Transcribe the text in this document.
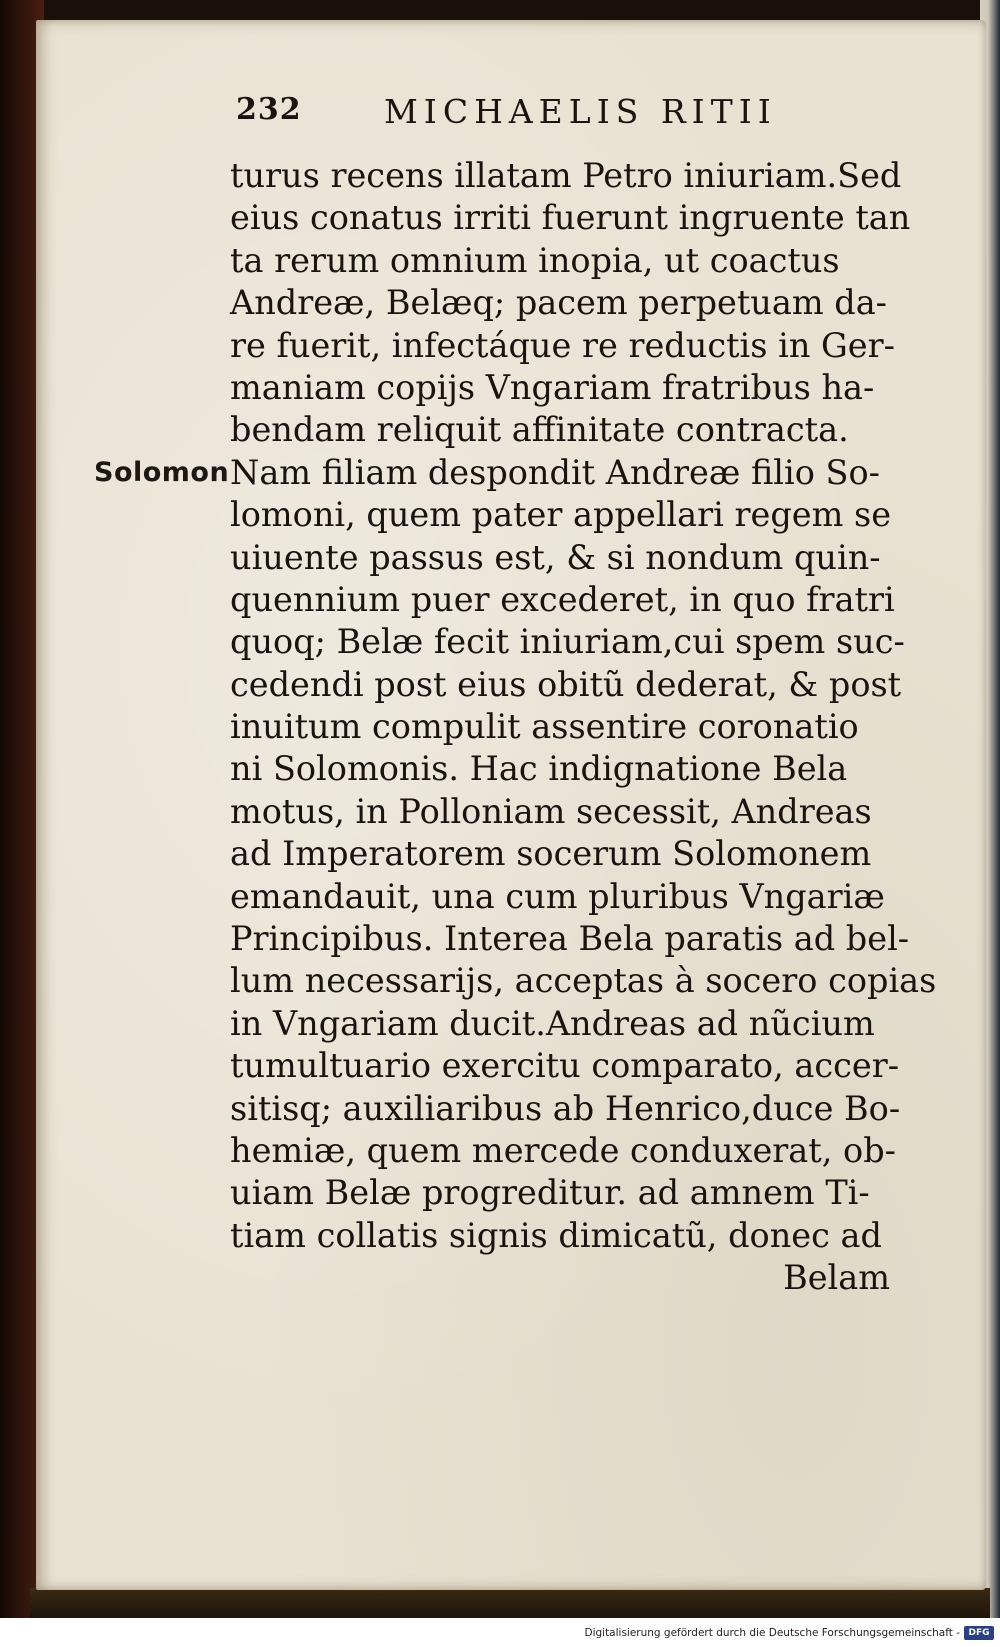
232 MICHAELIS RITII
Solomon
turus recens illatam Petro iniuriam.Sed
eius conatus irriti fuerunt ingruente tan
ta rerum omnium inopia, ut coactus
Andreæ, Belæq; pacem perpetuam da-
re fuerit, infectáque re reductis in Ger-
maniam copijs Vngariam fratribus ha-
bendam reliquit affinitate contracta.
Nam filiam despondit Andreæ filio So-
lomoni, quem pater appellari regem se
uiuente passus est, & si nondum quin-
quennium puer excederet, in quo fratri
quoq; Belæ fecit iniuriam,cui spem suc-
cedendi post eius obitũ dederat, & post
inuitum compulit assentire coronatio
ni Solomonis. Hac indignatione Bela
motus, in Polloniam secessit, Andreas
ad Imperatorem socerum Solomonem
emandauit, una cum pluribus Vngariæ
Principibus. Interea Bela paratis ad bel-
lum necessarijs, acceptas à socero copias
in Vngariam ducit.Andreas ad nũcium
tumultuario exercitu comparato, accer-
sitisq; auxiliaribus ab Henrico,duce Bo-
hemiæ, quem mercede conduxerat, ob-
uiam Belæ progreditur. ad amnem Ti-
tiam collatis signis dimicatũ, donec ad
Belam
Digitalisierung gefördert durch die Deutsche Forschungsgemeinschaft - DFG
